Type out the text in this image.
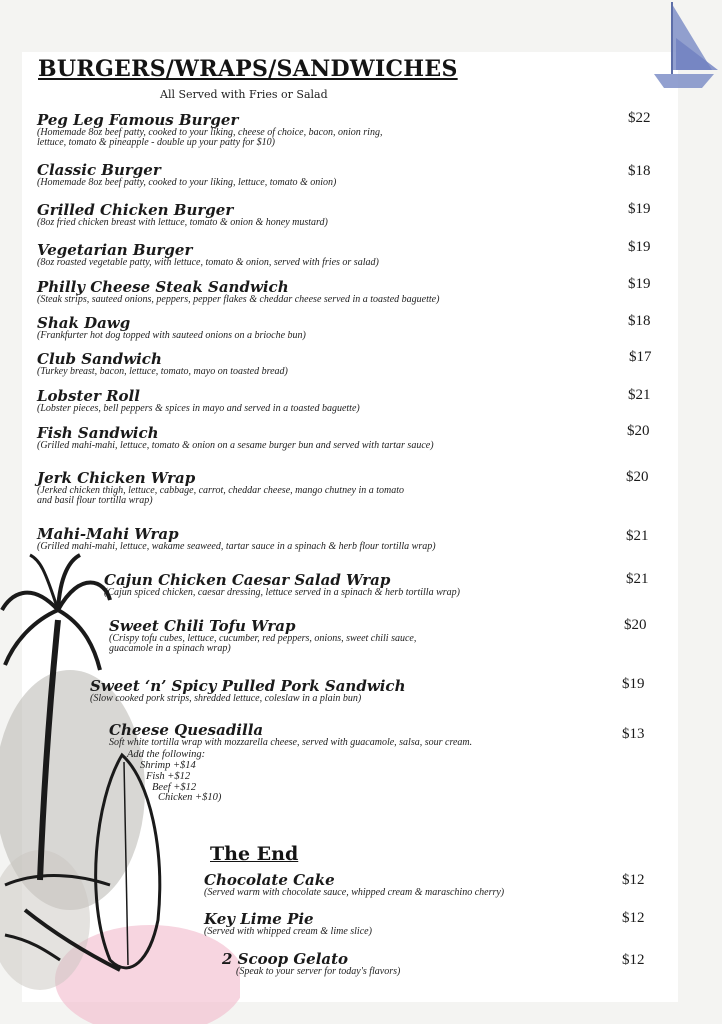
BURGERS/WRAPS/SANDWICHES
All Served with Fries or Salad
Peg Leg Famous Burger
(Homemade 8oz beef patty, cooked to your liking, cheese of choice, bacon, onion ring,
lettuce, tomato & pineapple - double up your patty for $10)
$22
Classic Burger
(Homemade 8oz beef patty, cooked to your liking, lettuce, tomato & onion)
$18
Grilled Chicken Burger
(8oz fried chicken breast with lettuce, tomato & onion & honey mustard)
$19
Vegetarian Burger
(8oz roasted vegetable patty, with lettuce, tomato & onion, served with fries or salad)
$19
Philly Cheese Steak Sandwich
(Steak strips, sauteed onions, peppers, pepper flakes & cheddar cheese served in a toasted baguette)
$19
Shak Dawg
(Frankfurter hot dog topped with sauteed onions on a brioche bun)
$18
Club Sandwich
(Turkey breast, bacon, lettuce, tomato, mayo on toasted bread)
$17
Lobster Roll
(Lobster pieces, bell peppers & spices in mayo and served in a toasted baguette)
$21
Fish Sandwich
(Grilled mahi-mahi, lettuce, tomato & onion on a sesame burger bun and served with tartar sauce)
$20
Jerk Chicken Wrap
(Jerked chicken thigh, lettuce, cabbage, carrot, cheddar cheese, mango chutney in a tomato
and basil flour tortilla wrap)
$20
Mahi-Mahi Wrap
(Grilled mahi-mahi, lettuce, wakame seaweed, tartar sauce in a spinach & herb flour tortilla wrap)
$21
Cajun Chicken Caesar Salad Wrap
(Cajun spiced chicken, caesar dressing, lettuce served in a spinach & herb tortilla wrap)
$21
Sweet Chili Tofu Wrap
(Crispy tofu cubes, lettuce, cucumber, red peppers, onions, sweet chili sauce,
guacamole in a spinach wrap)
$20
Sweet ‘n’ Spicy Pulled Pork Sandwich
(Slow cooked pork strips, shredded lettuce, coleslaw in a plain bun)
$19
Cheese Quesadilla
Soft white tortilla wrap with mozzarella cheese, served with guacamole, salsa, sour cream.
$13
Add the following:
Shrimp +$14
Fish +$12
Beef +$12
Chicken +$10)
The End
Chocolate Cake
(Served warm with chocolate sauce, whipped cream & maraschino cherry)
$12
Key Lime Pie
(Served with whipped cream & lime slice)
$12
2 Scoop Gelato
(Speak to your server for today's flavors)
$12
